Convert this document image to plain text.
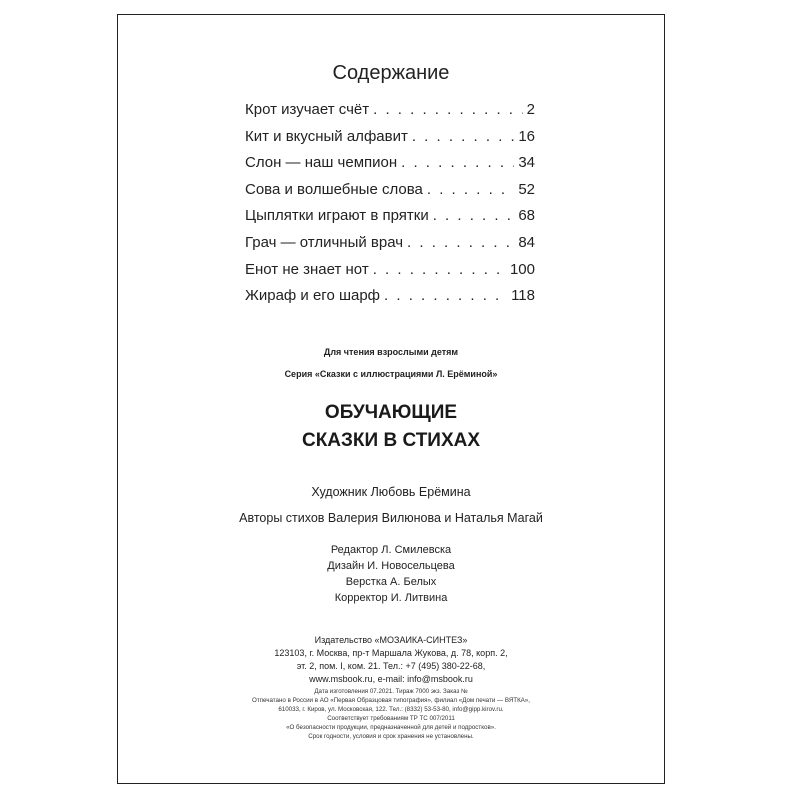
Содержание
Крот изучает счёт . . .	2
Кит и вкусный алфавит . . .	16
Слон — наш чемпион . . .	34
Сова и волшебные слова . . .	52
Цыплятки играют в прятки . . .	68
Грач — отличный врач . . .	84
Енот не знает нот . . .	100
Жираф и его шарф . . .	118
Для чтения взрослыми детям
Серия «Сказки с иллюстрациями Л. Ерёминой»
ОБУЧАЮЩИЕ
СКАЗКИ В СТИХАХ
Художник Любовь Ерёмина
Авторы стихов Валерия Вилюнова и Наталья Магай
Редактор Л. Смилевска
Дизайн И. Новосельцева
Верстка А. Белых
Корректор И. Литвина
Издательство «МОЗАИКА-СИНТЕЗ»
123103, г. Москва, пр-т Маршала Жукова, д. 78, корп. 2,
эт. 2, пом. I, ком. 21. Тел.: +7 (495) 380-22-68,
www.msbook.ru, e-mail: info@msbook.ru
Дата изготовления 07.2021. Тираж 7000 экз. Заказ №
Отпечатано в России в АО «Первая Образцовая типография», филиал «Дом печати — ВЯТКА»,
610033, г. Киров, ул. Московская, 122. Тел.: (8332) 53-53-80, info@gipp.kirov.ru.
Соответствует требованиям ТР ТС 007/2011
«О безопасности продукции, предназначенной для детей и подростков».
Срок годности, условия и срок хранения не установлены.
